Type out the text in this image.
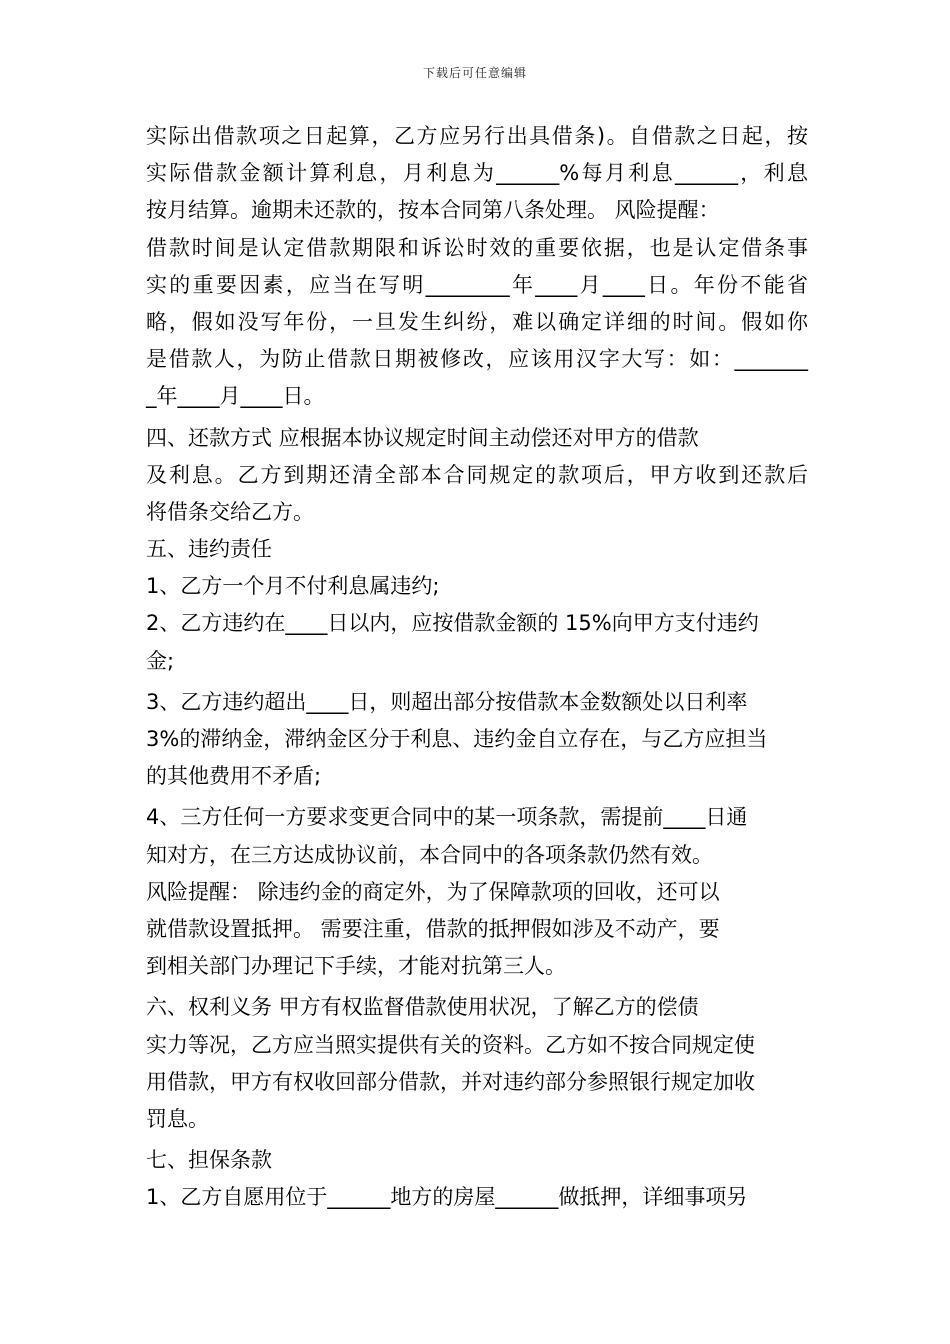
下载后可任意编辑
实际出借款项之日起算，乙方应另行出具借条)。自借款之日起，按
实际借款金额计算利息，月利息为______%每月利息______，利息
按月结算。逾期未还款的，按本合同第八条处理。 风险提醒：
借款时间是认定借款期限和诉讼时效的重要依据，也是认定借条事
实的重要因素，应当在写明________年____月____日。年份不能省
略，假如没写年份，一旦发生纠纷，难以确定详细的时间。假如你
是借款人，为防止借款日期被修改，应该用汉字大写：如：_______
_年____月____日。
四、还款方式 应根据本协议规定时间主动偿还对甲方的借款
及利息。乙方到期还清全部本合同规定的款项后，甲方收到还款后
将借条交给乙方。
五、违约责任
1、乙方一个月不付利息属违约;
2、乙方违约在____日以内，应按借款金额的 15%向甲方支付违约
金;
3、乙方违约超出____日，则超出部分按借款本金数额处以日利率
3%的滞纳金，滞纳金区分于利息、违约金自立存在，与乙方应担当
的其他费用不矛盾;
4、三方任何一方要求变更合同中的某一项条款，需提前____日通
知对方，在三方达成协议前，本合同中的各项条款仍然有效。
风险提醒： 除违约金的商定外，为了保障款项的回收，还可以
就借款设置抵押。 需要注重，借款的抵押假如涉及不动产，要
到相关部门办理记下手续，才能对抗第三人。
六、权利义务 甲方有权监督借款使用状况，了解乙方的偿债
实力等况，乙方应当照实提供有关的资料。乙方如不按合同规定使
用借款，甲方有权收回部分借款，并对违约部分参照银行规定加收
罚息。
七、担保条款
1、乙方自愿用位于______地方的房屋______做抵押，详细事项另
